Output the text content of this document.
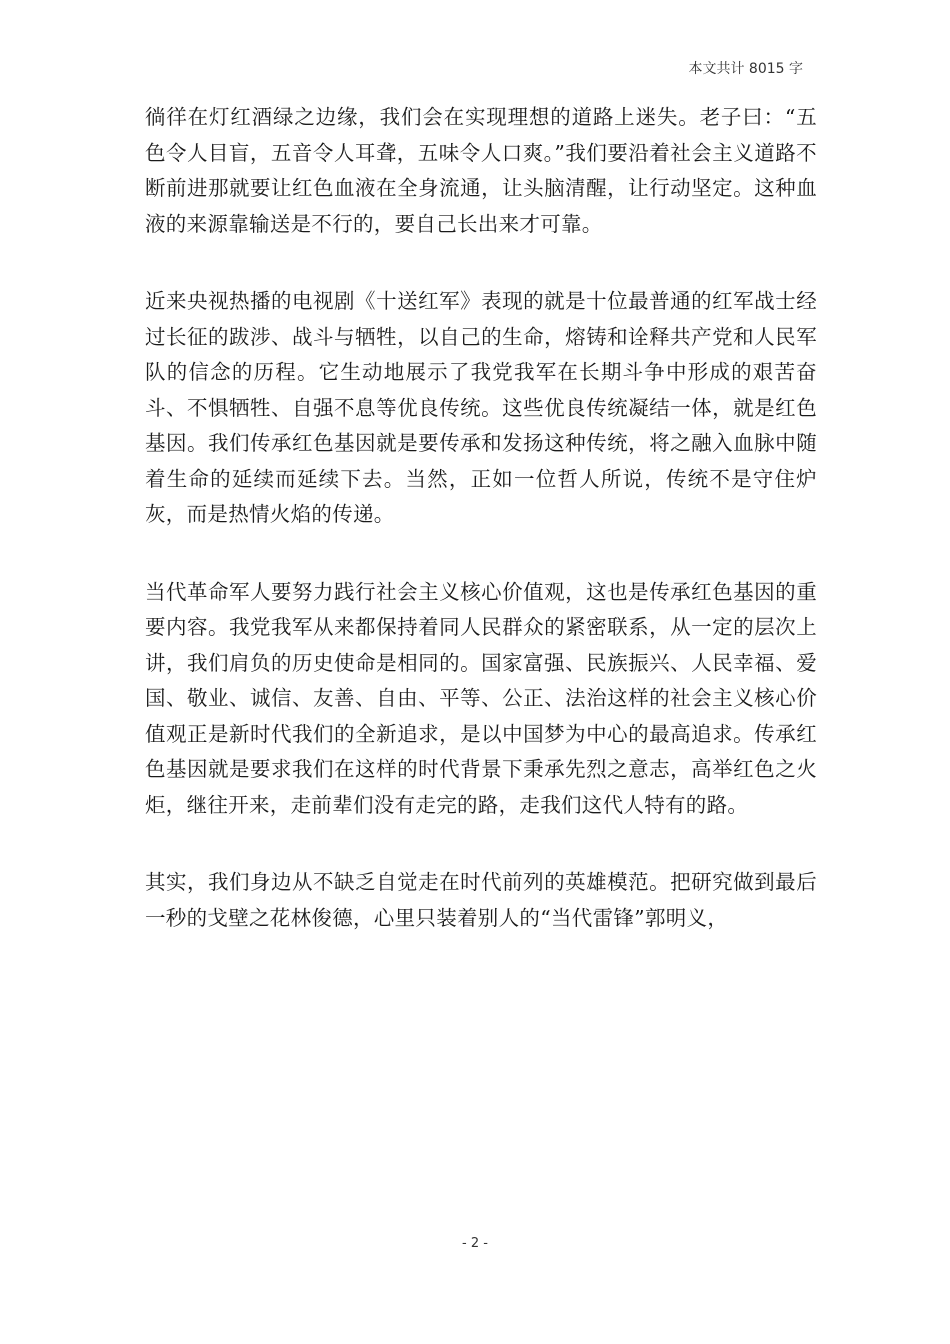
本文共计 8015 字

徜徉在灯红酒绿之边缘，我们会在实现理想的道路上迷失。老子曰：“五色令人目盲，五音令人耳聋，五味令人口爽。”我们要沿着社会主义道路不断前进那就要让红色血液在全身流通，让头脑清醒，让行动坚定。这种血液的来源靠输送是不行的，要自己长出来才可靠。

近来央视热播的电视剧《十送红军》表现的就是十位最普通的红军战士经过长征的跋涉、战斗与牺牲，以自己的生命，熔铸和诠释共产党和人民军队的信念的历程。它生动地展示了我党我军在长期斗争中形成的艰苦奋斗、不惧牺牲、自强不息等优良传统。这些优良传统凝结一体，就是红色基因。我们传承红色基因就是要传承和发扬这种传统，将之融入血脉中随着生命的延续而延续下去。当然，正如一位哲人所说，传统不是守住炉灰，而是热情火焰的传递。

当代革命军人要努力践行社会主义核心价值观，这也是传承红色基因的重要内容。我党我军从来都保持着同人民群众的紧密联系，从一定的层次上讲，我们肩负的历史使命是相同的。国家富强、民族振兴、人民幸福、爱国、敬业、诚信、友善、自由、平等、公正、法治这样的社会主义核心价值观正是新时代我们的全新追求，是以中国梦为中心的最高追求。传承红色基因就是要求我们在这样的时代背景下秉承先烈之意志，高举红色之火炬，继往开来，走前辈们没有走完的路，走我们这代人特有的路。

其实，我们身边从不缺乏自觉走在时代前列的英雄模范。把研究做到最后一秒的戈壁之花林俊德，心里只装着别人的“当代雷锋”郭明义，

- 2 -
